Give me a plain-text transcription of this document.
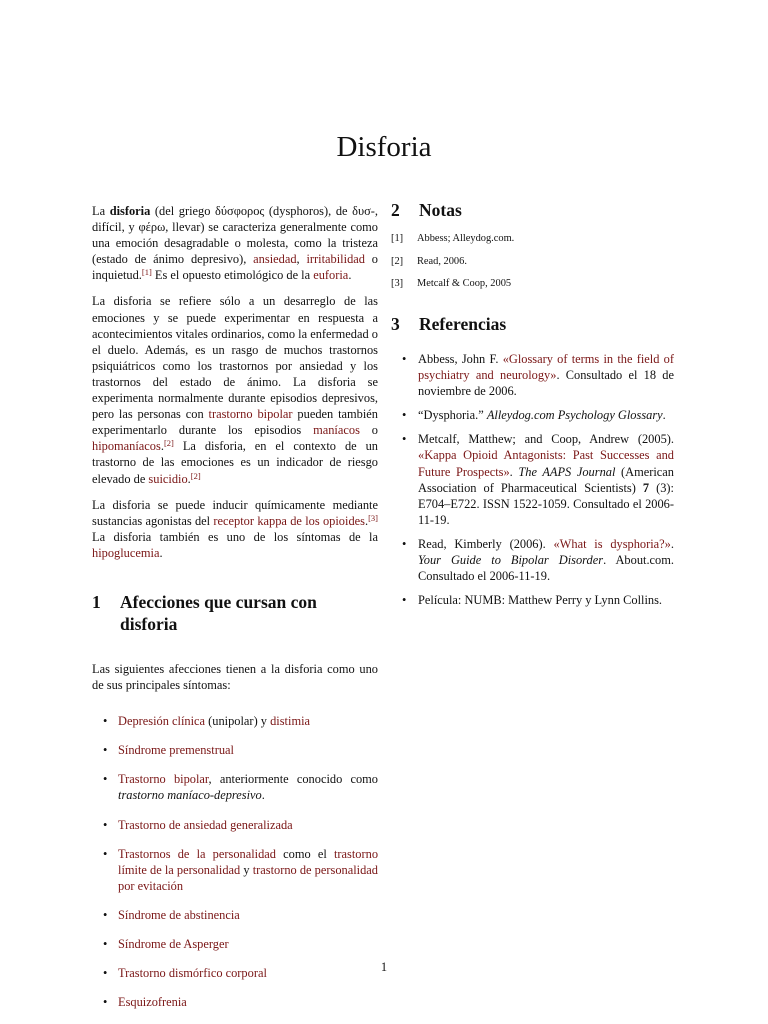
Disforia

La disforia (del griego δύσφορος (dysphoros), de δυσ-, difícil, y φέρω, llevar) se caracteriza generalmente como una emoción desagradable o molesta, como la tristeza (estado de ánimo depresivo), ansiedad, irritabilidad o inquietud.[1] Es el opuesto etimológico de la euforia.

La disforia se refiere sólo a un desarreglo de las emociones y se puede experimentar en respuesta a acontecimientos vitales ordinarios, como la enfermedad o el duelo. Además, es un rasgo de muchos trastornos psiquiátricos como los trastornos por ansiedad y los trastornos del estado de ánimo. La disforia se experimenta normalmente durante episodios depresivos, pero las personas con trastorno bipolar pueden también experimentarlo durante los episodios maníacos o hipomaníacos.[2] La disforia, en el contexto de un trastorno de las emociones es un indicador de riesgo elevado de suicidio.[2]

La disforia se puede inducir químicamente mediante sustancias agonistas del receptor kappa de los opioides.[3] La disforia también es uno de los síntomas de la hipoglucemia.

1	Afecciones que cursan con disforia

Las siguientes afecciones tienen a la disforia como uno de sus principales síntomas:

• Depresión clínica (unipolar) y distimia
• Síndrome premenstrual
• Trastorno bipolar, anteriormente conocido como trastorno maníaco-depresivo.
• Trastorno de ansiedad generalizada
• Trastornos de la personalidad como el trastorno límite de la personalidad y trastorno de personalidad por evitación
• Síndrome de abstinencia
• Síndrome de Asperger
• Trastorno dismórfico corporal
• Esquizofrenia
2	Notas
[1]	Abbess; Alleydog.com.
[2]	Read, 2006.
[3]	Metcalf & Coop, 2005
3	Referencias
• Abbess, John F. «Glossary of terms in the field of psychiatry and neurology». Consultado el 18 de noviembre de 2006.
• “Dysphoria.” Alleydog.com Psychology Glossary.
• Metcalf, Matthew; and Coop, Andrew (2005). «Kappa Opioid Antagonists: Past Successes and Future Prospects». The AAPS Journal (American Association of Pharmaceutical Scientists) 7 (3): E704–E722. ISSN 1522-1059. Consultado el 2006-11-19.
• Read, Kimberly (2006). «What is dysphoria?». Your Guide to Bipolar Disorder. About.com. Consultado el 2006-11-19.
• Película: NUMB: Matthew Perry y Lynn Collins.
1
